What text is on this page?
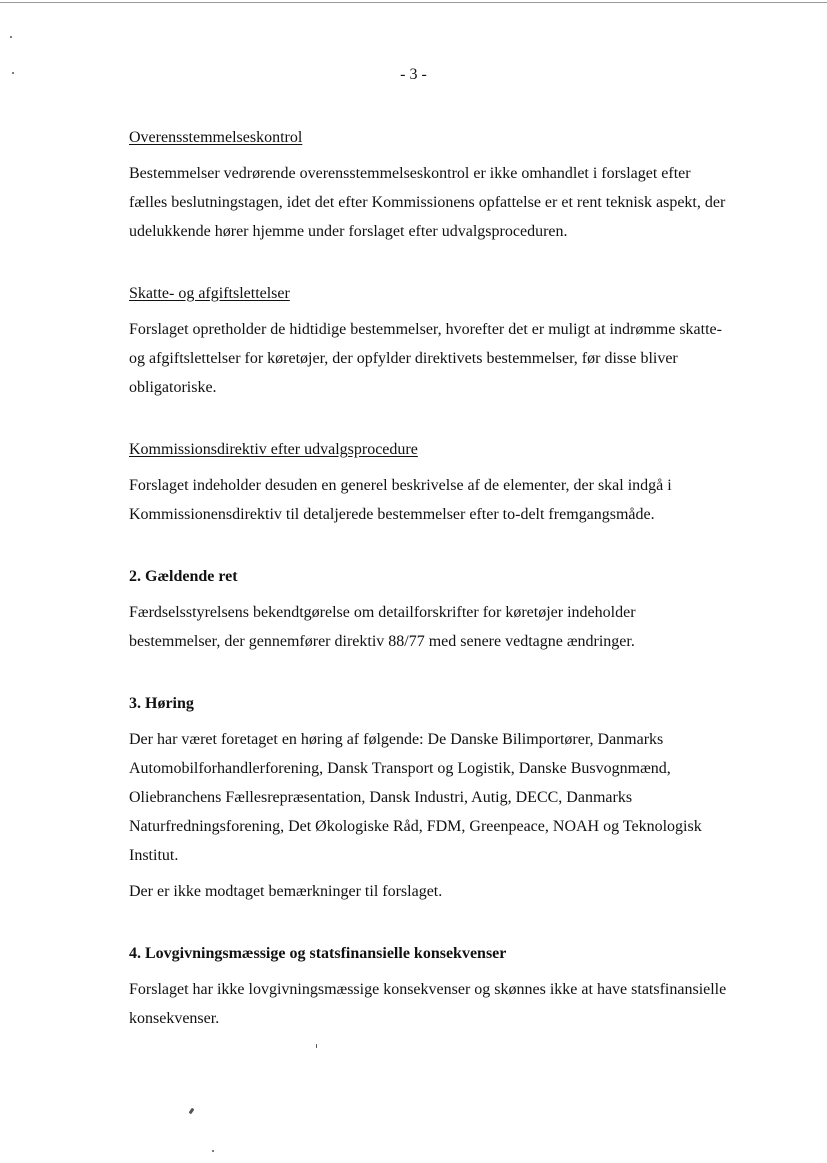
- 3 -
Overensstemmelseskontrol

Bestemmelser vedrørende overensstemmelseskontrol er ikke omhandlet i forslaget efter fælles beslutningstagen, idet det efter Kommissionens opfattelse er et rent teknisk aspekt, der udelukkende hører hjemme under forslaget efter udvalgsproceduren.

Skatte- og afgiftslettelser

Forslaget opretholder de hidtidige bestemmelser, hvorefter det er muligt at indrømme skatte- og afgiftslettelser for køretøjer, der opfylder direktivets bestemmelser, før disse bliver obligatoriske.

Kommissionsdirektiv efter udvalgsprocedure

Forslaget indeholder desuden en generel beskrivelse af de elementer, der skal indgå i Kommissionensdirektiv til detaljerede bestemmelser efter to-delt fremgangsmåde.

2. Gældende ret

Færdselsstyrelsens bekendtgørelse om detailforskrifter for køretøjer indeholder bestemmelser, der gennemfører direktiv 88/77 med senere vedtagne ændringer.

3. Høring

Der har været foretaget en høring af følgende: De Danske Bilimportører, Danmarks Automobilforhandlerforening, Dansk Transport og Logistik, Danske Busvognmænd, Oliebranchens Fællesrepræsentation, Dansk Industri, Autig, DECC, Danmarks Naturfredningsforening, Det Økologiske Råd, FDM, Greenpeace, NOAH og Teknologisk Institut.

Der er ikke modtaget bemærkninger til forslaget.

4. Lovgivningsmæssige og statsfinansielle konsekvenser

Forslaget har ikke lovgivningsmæssige konsekvenser og skønnes ikke at have statsfinansielle konsekvenser.
